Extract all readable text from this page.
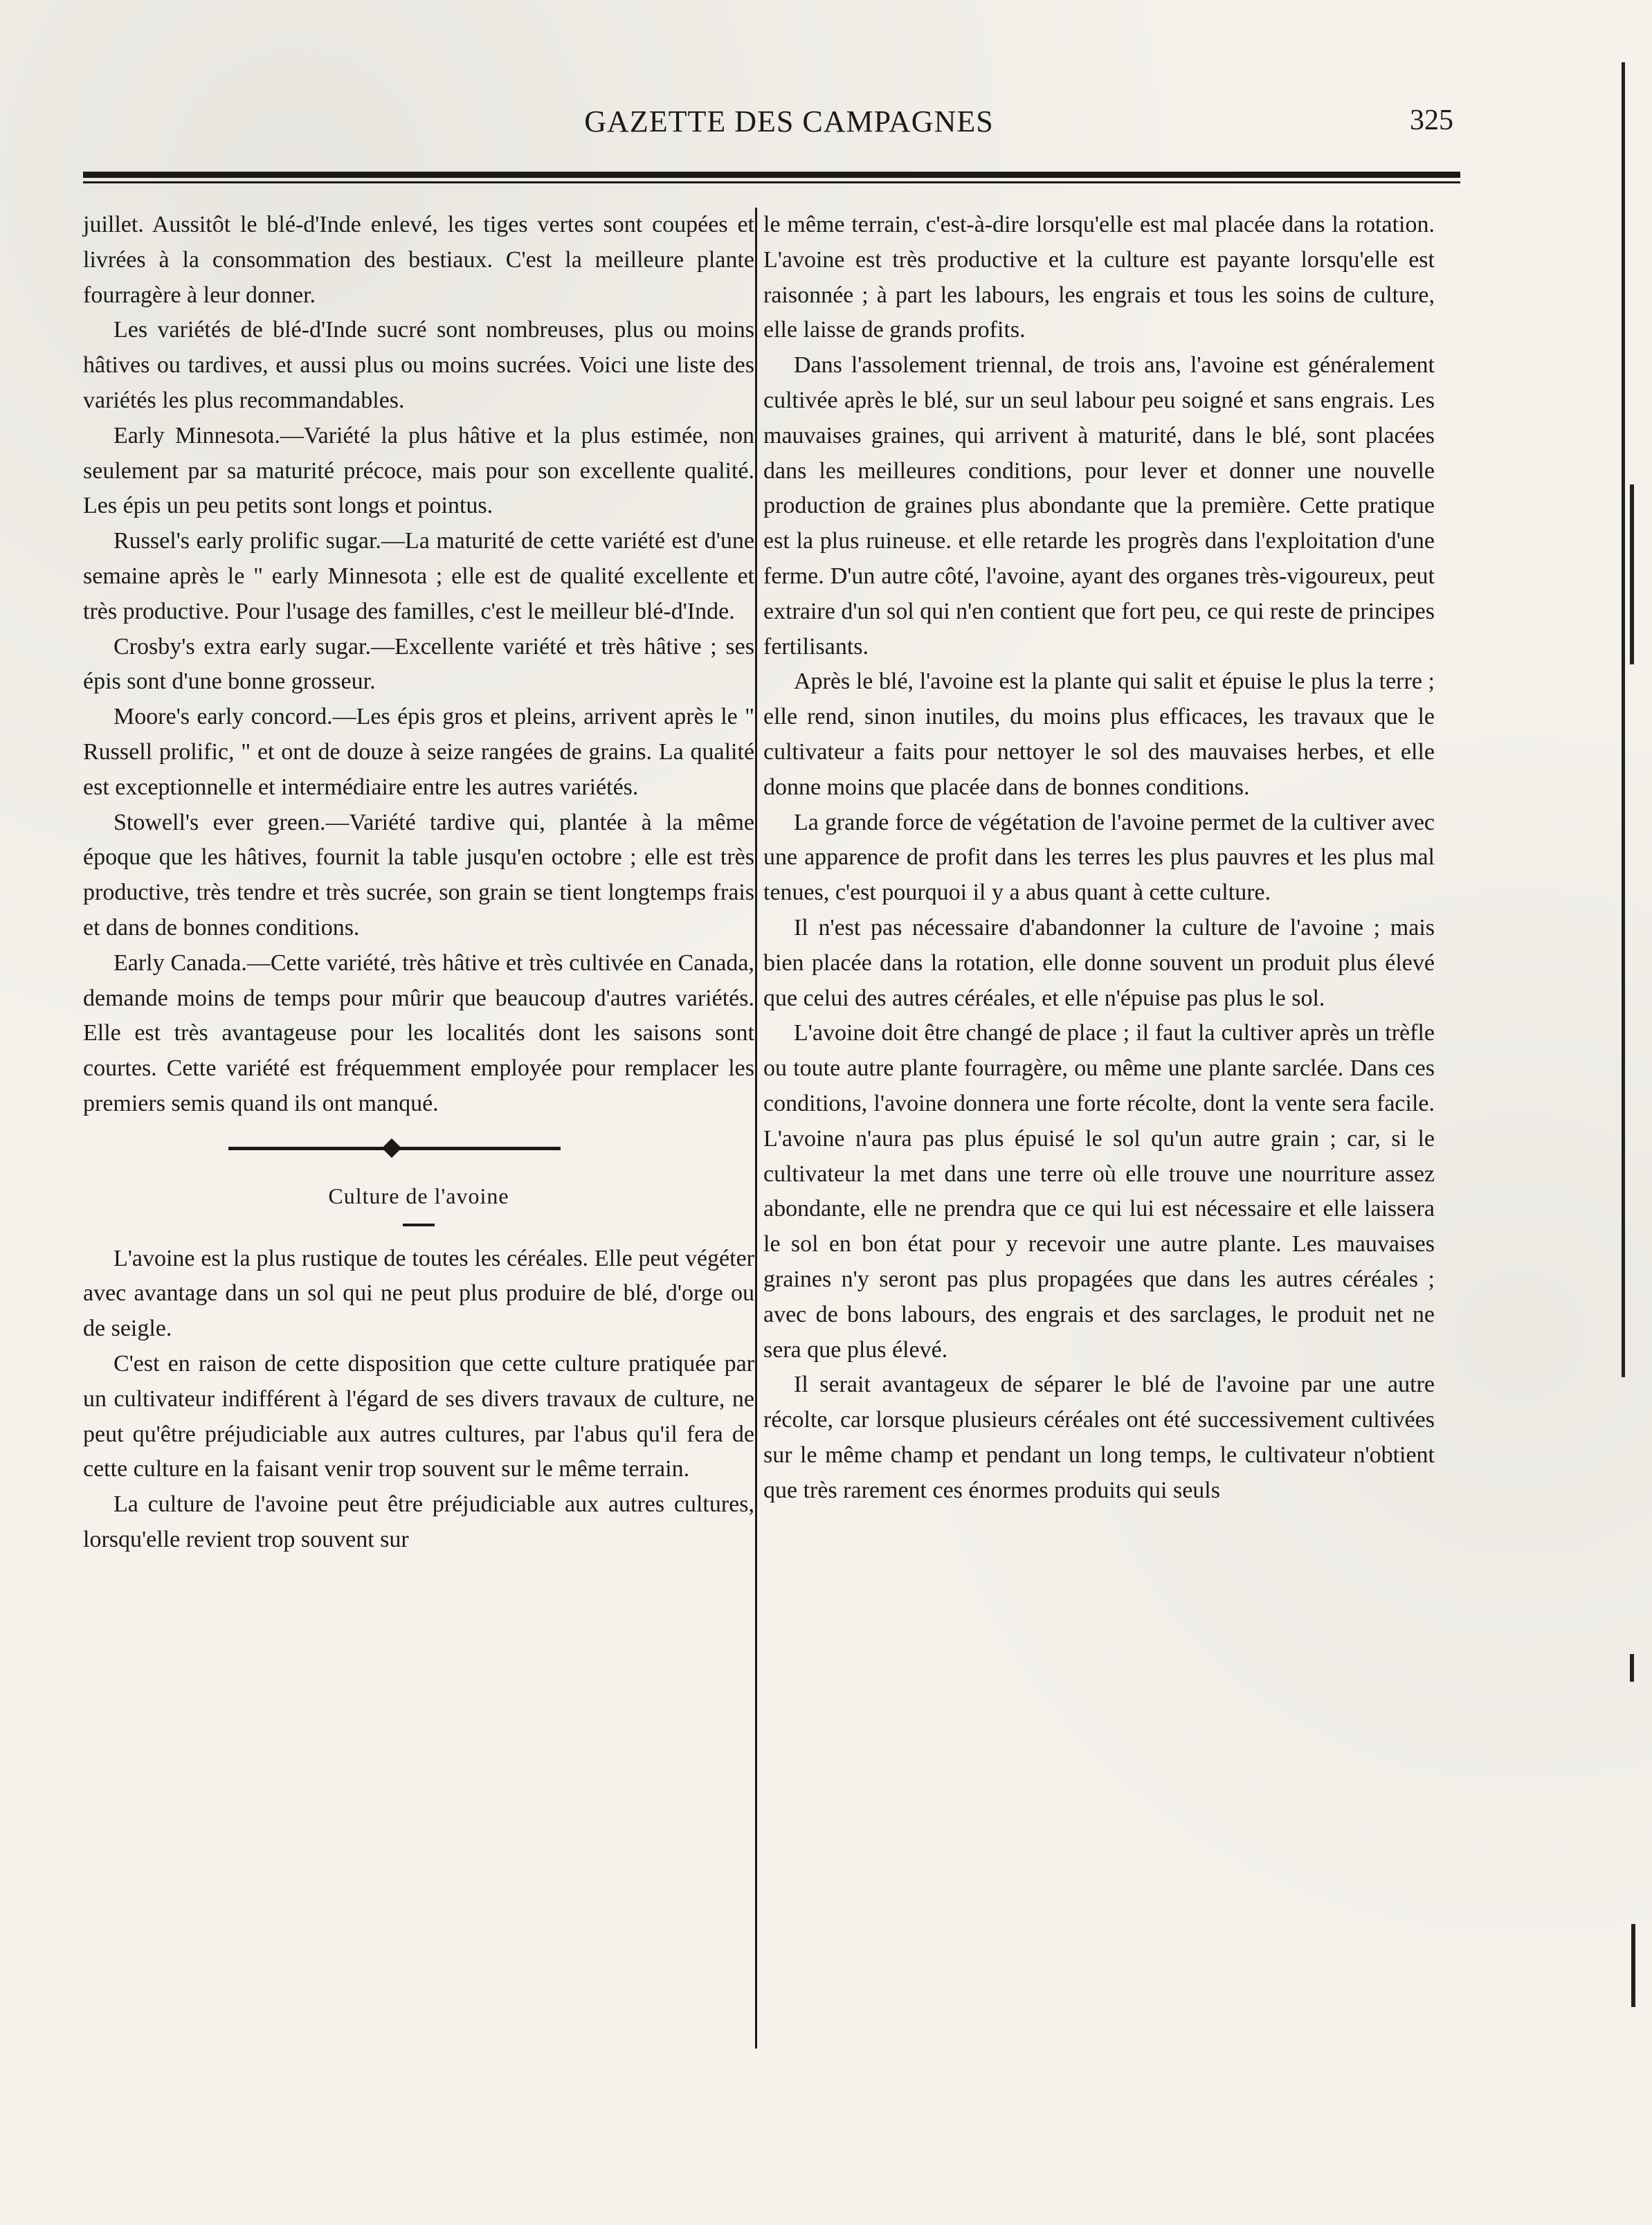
GAZETTE DES CAMPAGNES	325

juillet. Aussitôt le blé-d'Inde enlevé, les tiges vertes sont coupées et livrées à la consommation des bestiaux. C'est la meilleure plante fourragère à leur donner.

Les variétés de blé-d'Inde sucré sont nombreuses, plus ou moins hâtives ou tardives, et aussi plus ou moins sucrées. Voici une liste des variétés les plus recommandables.

Early Minnesota.—Variété la plus hâtive et la plus estimée, non seulement par sa maturité précoce, mais pour son excellente qualité. Les épis un peu petits sont longs et pointus.

Russel's early prolific sugar.—La maturité de cette variété est d'une semaine après le " early Minnesota ; elle est de qualité excellente et très productive. Pour l'usage des familles, c'est le meilleur blé-d'Inde.

Crosby's extra early sugar.—Excellente variété et très hâtive ; ses épis sont d'une bonne grosseur.

Moore's early concord.—Les épis gros et pleins, arrivent après le " Russell prolific, " et ont de douze à seize rangées de grains. La qualité est exceptionnelle et intermédiaire entre les autres variétés.

Stowell's ever green.—Variété tardive qui, plantée à la même époque que les hâtives, fournit la table jusqu'en octobre ; elle est très productive, très tendre et très sucrée, son grain se tient longtemps frais et dans de bonnes conditions.

Early Canada.—Cette variété, très hâtive et très cultivée en Canada, demande moins de temps pour mûrir que beaucoup d'autres variétés. Elle est très avantageuse pour les localités dont les saisons sont courtes. Cette variété est fréquemment employée pour remplacer les premiers semis quand ils ont manqué.

Culture de l'avoine

L'avoine est la plus rustique de toutes les céréales. Elle peut végéter avec avantage dans un sol qui ne peut plus produire de blé, d'orge ou de seigle.

C'est en raison de cette disposition que cette culture pratiquée par un cultivateur indifférent à l'égard de ses divers travaux de culture, ne peut qu'être préjudiciable aux autres cultures, par l'abus qu'il fera de cette culture en la faisant venir trop souvent sur le même terrain.

La culture de l'avoine peut être préjudiciable aux autres cultures, lorsqu'elle revient trop souvent sur

le même terrain, c'est-à-dire lorsqu'elle est mal placée dans la rotation. L'avoine est très productive et la culture est payante lorsqu'elle est raisonnée ; à part les labours, les engrais et tous les soins de culture, elle laisse de grands profits.

Dans l'assolement triennal, de trois ans, l'avoine est généralement cultivée après le blé, sur un seul labour peu soigné et sans engrais. Les mauvaises graines, qui arrivent à maturité, dans le blé, sont placées dans les meilleures conditions, pour lever et donner une nouvelle production de graines plus abondante que la première. Cette pratique est la plus ruineuse. et elle retarde les progrès dans l'exploitation d'une ferme. D'un autre côté, l'avoine, ayant des organes très-vigoureux, peut extraire d'un sol qui n'en contient que fort peu, ce qui reste de principes fertilisants.

Après le blé, l'avoine est la plante qui salit et épuise le plus la terre ; elle rend, sinon inutiles, du moins plus efficaces, les travaux que le cultivateur a faits pour nettoyer le sol des mauvaises herbes, et elle donne moins que placée dans de bonnes conditions.

La grande force de végétation de l'avoine permet de la cultiver avec une apparence de profit dans les terres les plus pauvres et les plus mal tenues, c'est pourquoi il y a abus quant à cette culture.

Il n'est pas nécessaire d'abandonner la culture de l'avoine ; mais bien placée dans la rotation, elle donne souvent un produit plus élevé que celui des autres céréales, et elle n'épuise pas plus le sol.

L'avoine doit être changé de place ; il faut la cultiver après un trèfle ou toute autre plante fourragère, ou même une plante sarclée. Dans ces conditions, l'avoine donnera une forte récolte, dont la vente sera facile. L'avoine n'aura pas plus épuisé le sol qu'un autre grain ; car, si le cultivateur la met dans une terre où elle trouve une nourriture assez abondante, elle ne prendra que ce qui lui est nécessaire et elle laissera le sol en bon état pour y recevoir une autre plante. Les mauvaises graines n'y seront pas plus propagées que dans les autres céréales ; avec de bons labours, des engrais et des sarclages, le produit net ne sera que plus élevé.

Il serait avantageux de séparer le blé de l'avoine par une autre récolte, car lorsque plusieurs céréales ont été successivement cultivées sur le même champ et pendant un long temps, le cultivateur n'obtient que très rarement ces énormes produits qui seuls
